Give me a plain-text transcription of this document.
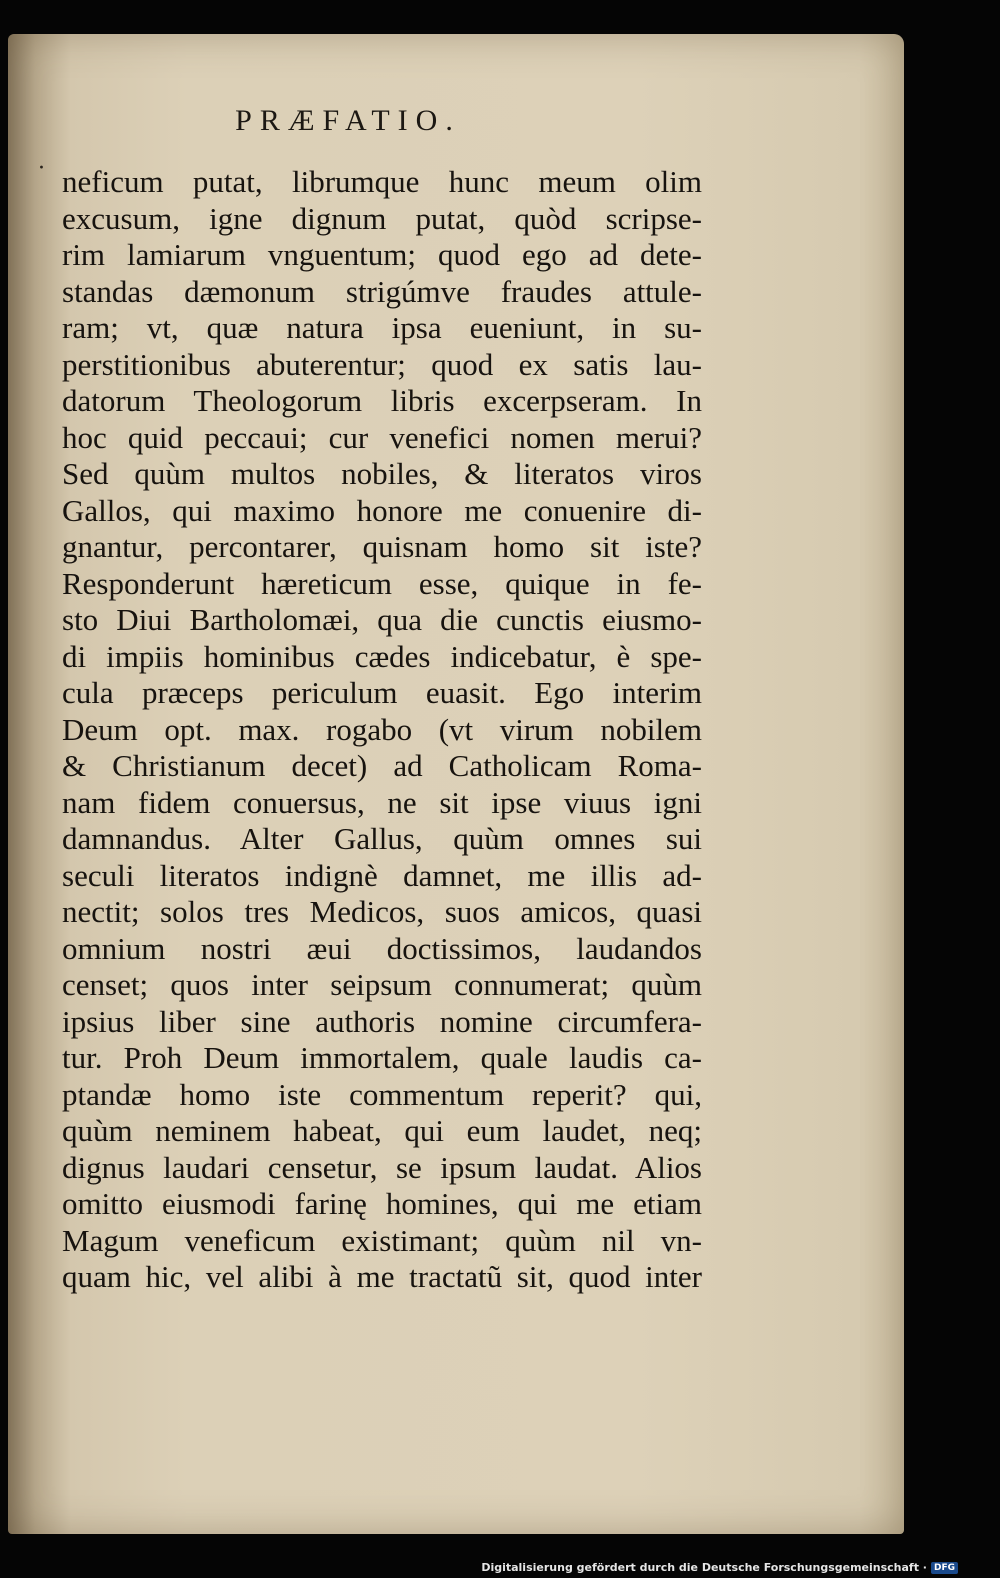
PRÆFATIO.
· neficum putat, librumque hunc meum olim
excusum, igne dignum putat, quòd scripse-
rim lamiarum vnguentum; quod ego ad dete-
standas dæmonum strigúmve fraudes attule-
ram; vt, quæ natura ipsa eueniunt, in su-
perstitionibus abuterentur; quod ex satis lau-
datorum Theologorum libris excerpseram. In
hoc quid peccaui; cur venefici nomen merui?
Sed quùm multos nobiles, & literatos viros
Gallos, qui maximo honore me conuenire di-
gnantur, percontarer, quisnam homo sit iste?
Responderunt hæreticum esse, quique in fe-
sto Diui Bartholomæi, qua die cunctis eiusmo-
di impiis hominibus cædes indicebatur, è spe-
cula præceps periculum euasit. Ego interim
Deum opt. max. rogabo (vt virum nobilem
& Christianum decet) ad Catholicam Roma-
nam fidem conuersus, ne sit ipse viuus igni
damnandus. Alter Gallus, quùm omnes sui
seculi literatos indignè damnet, me illis ad-
nectit; solos tres Medicos, suos amicos, quasi
omnium nostri æui doctissimos, laudandos
censet; quos inter seipsum connumerat; quùm
ipsius liber sine authoris nomine circumfera-
tur. Proh Deum immortalem, quale laudis ca-
ptandæ homo iste commentum reperit? qui,
quùm neminem habeat, qui eum laudet, neq;
dignus laudari censetur, se ipsum laudat. Alios
omitto eiusmodi farinę homines, qui me etiam
Magum veneficum existimant; quùm nil vn-
quam hic, vel alibi à me tractatũ sit, quod inter
Digitalisierung gefördert durch die Deutsche Forschungsgemeinschaft · DFG
